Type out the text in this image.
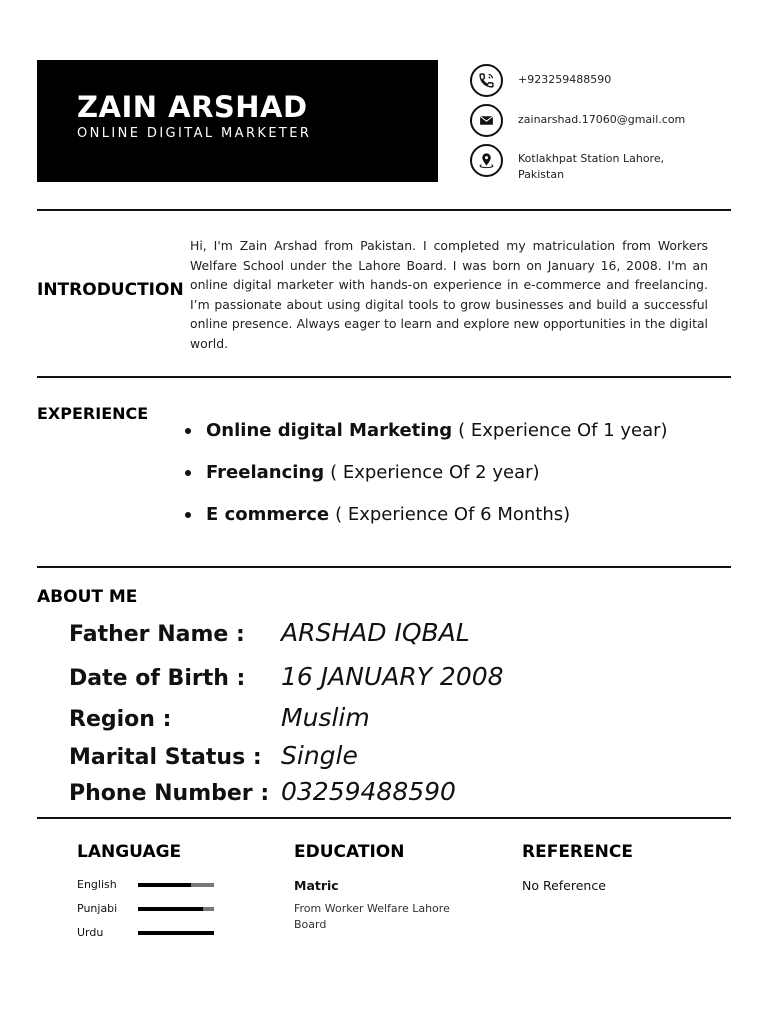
ZAIN ARSHAD
ONLINE DIGITAL MARKETER
+923259488590
zainarshad.17060@gmail.com
Kotlakhpat Station Lahore, Pakistan
INTRODUCTION
Hi, I'm Zain Arshad from Pakistan. I completed my matriculation from Workers Welfare School under the Lahore Board. I was born on January 16, 2008. I'm an online digital marketer with hands-on experience in e-commerce and freelancing. I’m passionate about using digital tools to grow businesses and build a successful online presence. Always eager to learn and explore new opportunities in the digital world.
EXPERIENCE
Online digital Marketing ( Experience Of 1 year)
Freelancing ( Experience Of 2 year)
E commerce ( Experience Of 6 Months)
ABOUT ME
Father Name :	ARSHAD IQBAL
Date of Birth :	16 JANUARY 2008
Region :	Muslim
Marital Status : Single
Phone Number : 03259488590
LANGUAGE
English
Punjabi
Urdu
EDUCATION
Matric
From Worker Welfare Lahore Board
REFERENCE
No Reference
